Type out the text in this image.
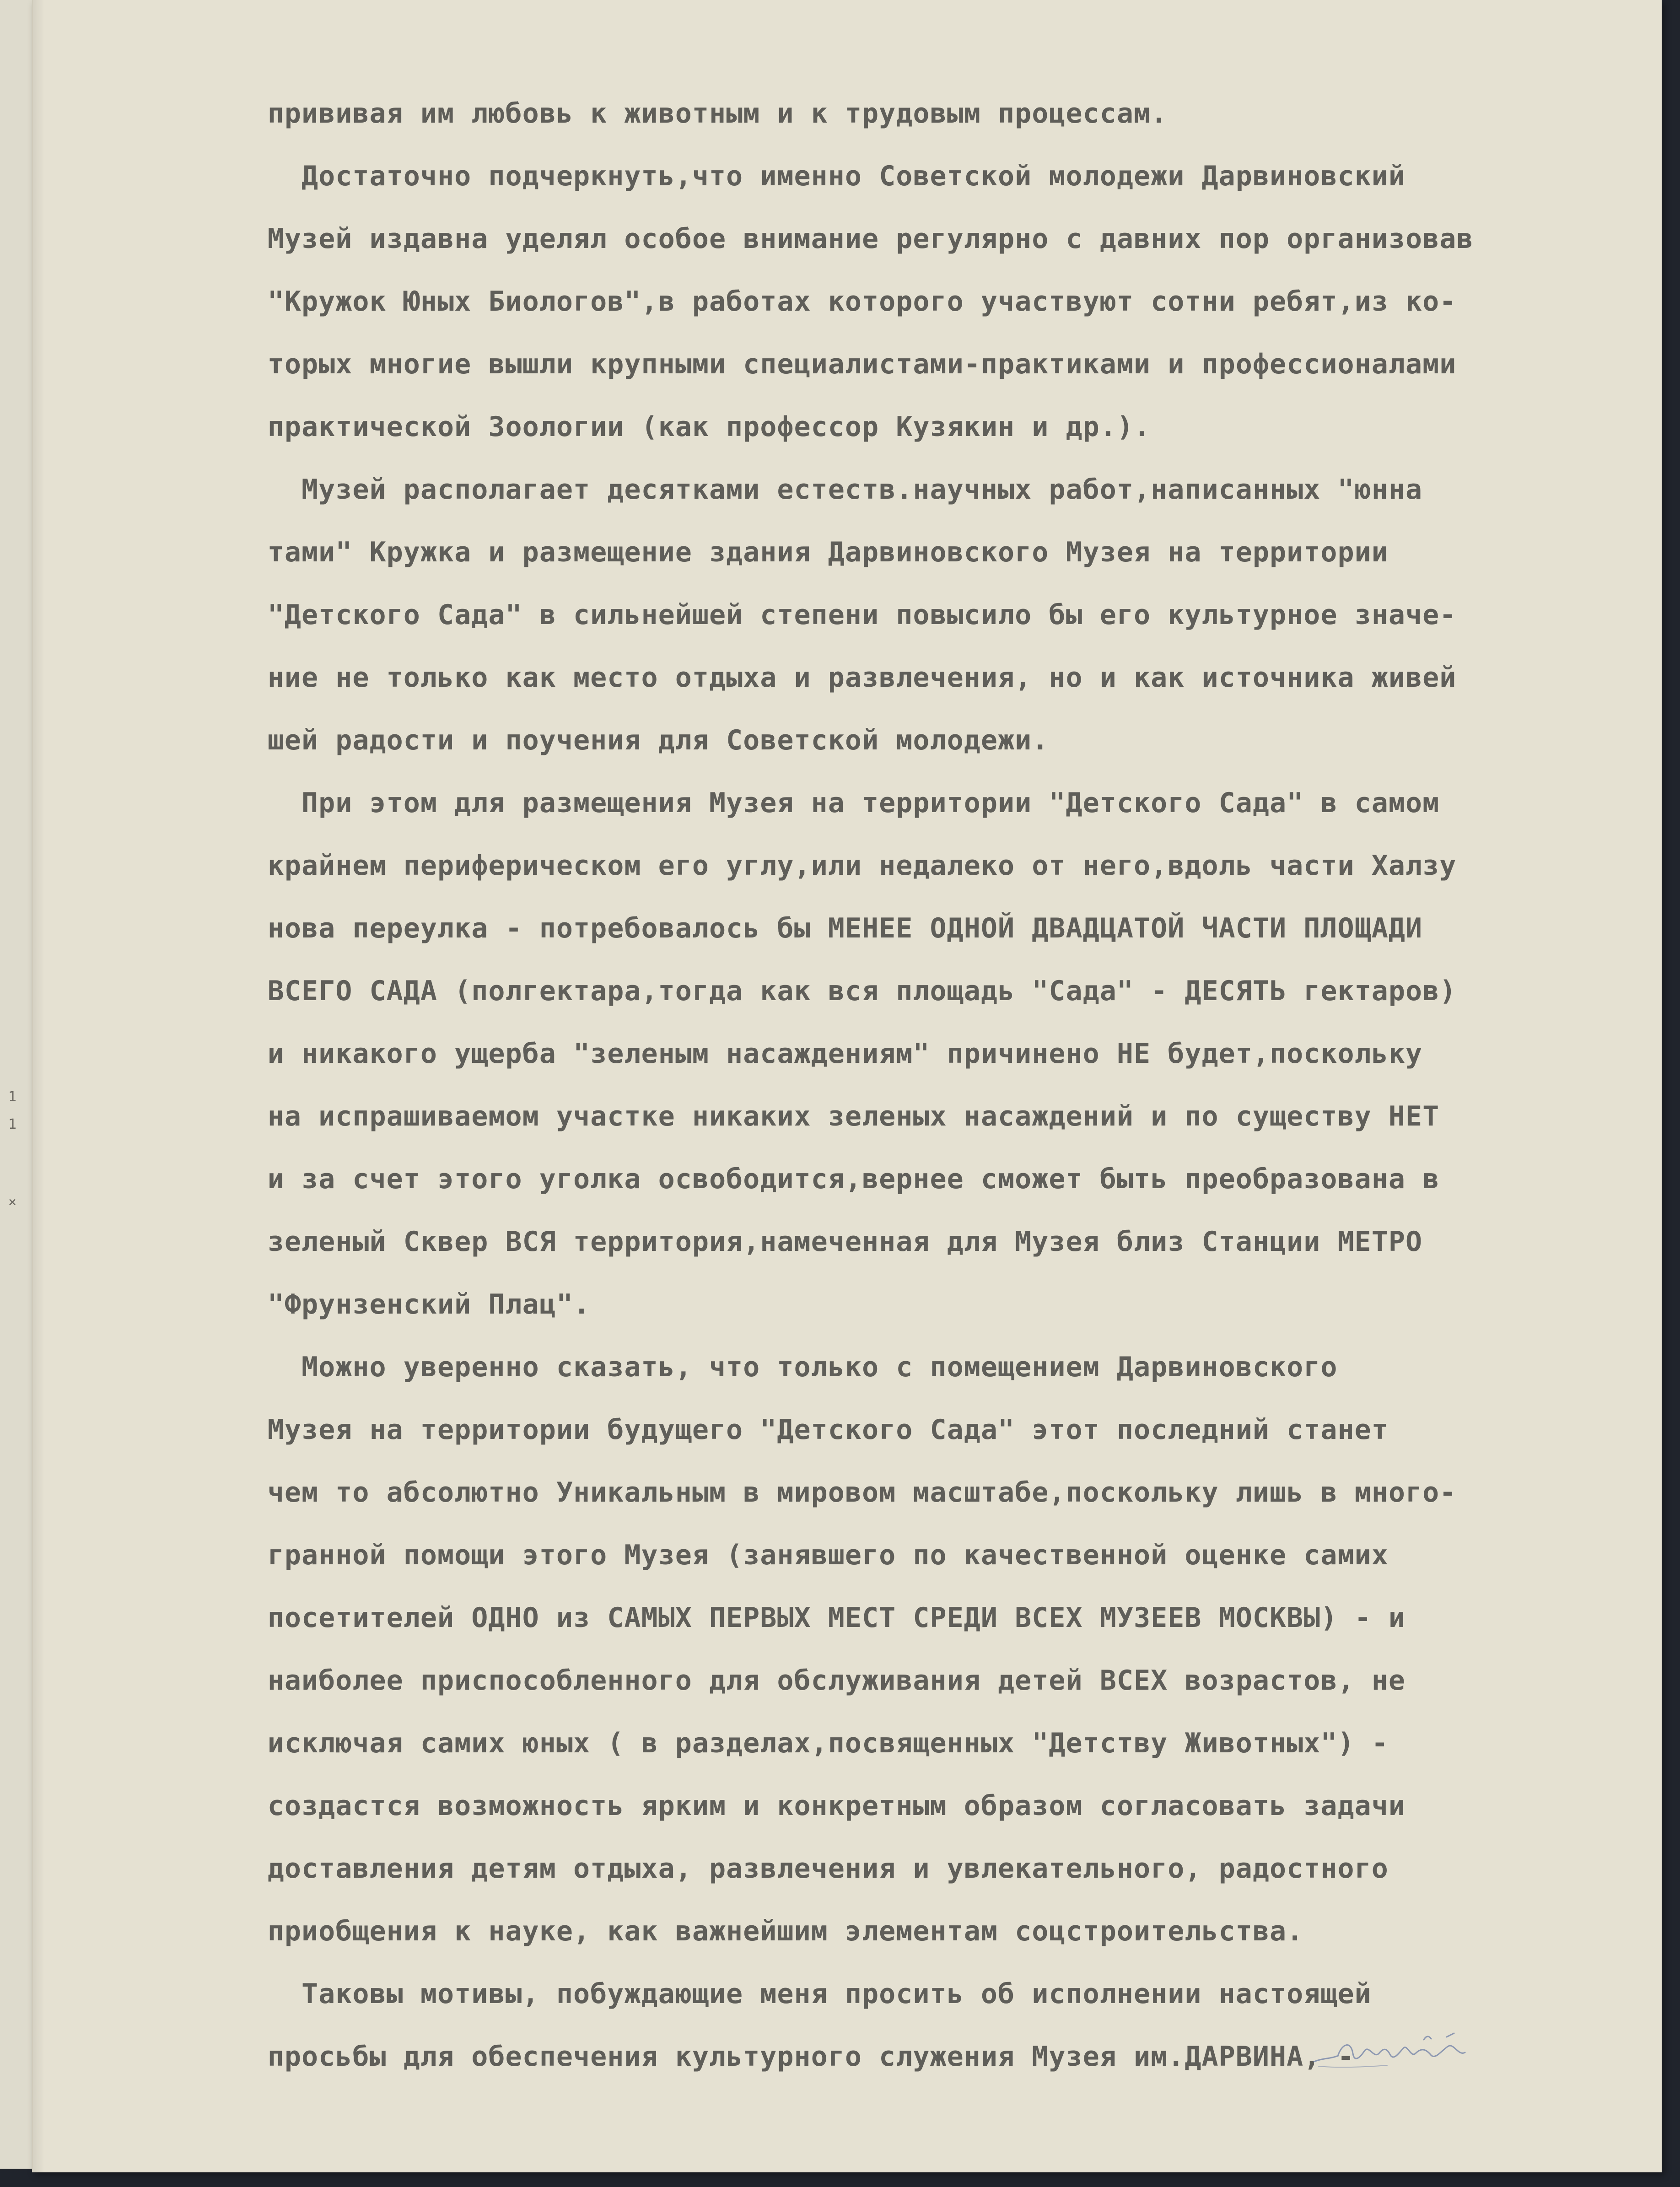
1
1
×
прививая им любовь к животным и к трудовым процессам.
Достаточно подчеркнуть,что именно Советской молодежи Дарвиновский
Музей издавна уделял особое внимание регулярно с давних пор организовав
"Кружок Юных Биологов",в работах которого участвуют сотни ребят,из ко-
торых многие вышли крупными специалистами-практиками и профессионалами
практической Зоологии (как профессор Кузякин и др.).
Музей располагает десятками естеств.научных работ,написанных "юнна
тами" Кружка и размещение здания Дарвиновского Музея на территории
"Детского Сада" в сильнейшей степени повысило бы его культурное значе-
ние не только как место отдыха и развлечения, но и как источника живей
шей радости и поучения для Советской молодежи.
При этом для размещения Музея на территории "Детского Сада" в самом
крайнем периферическом его углу,или недалеко от него,вдоль части Халзу
нова переулка - потребовалось бы МЕНЕЕ ОДНОЙ ДВАДЦАТОЙ ЧАСТИ ПЛОЩАДИ
ВСЕГО САДА (полгектара,тогда как вся площадь "Сада" - ДЕСЯТЬ гектаров)
и никакого ущерба "зеленым насаждениям" причинено НЕ будет,поскольку
на испрашиваемом участке никаких зеленых насаждений и по существу НЕТ
и за счет этого уголка освободится,вернее сможет быть преобразована в
зеленый Сквер ВСЯ территория,намеченная для Музея близ Станции МЕТРО
"Фрунзенский Плац".
Можно уверенно сказать, что только с помещением Дарвиновского
Музея на территории будущего "Детского Сада" этот последний станет
чем то абсолютно Уникальным в мировом масштабе,поскольку лишь в много-
гранной помощи этого Музея (занявшего по качественной оценке самих
посетителей ОДНО из САМЫХ ПЕРВЫХ МЕСТ СРЕДИ ВСЕХ МУЗЕЕВ МОСКВЫ) - и
наиболее приспособленного для обслуживания детей ВСЕХ возрастов, не
исключая самих юных ( в разделах,посвященных "Детству Животных") -
создастся возможность ярким и конкретным образом согласовать задачи
доставления детям отдыха, развлечения и увлекательного, радостного
приобщения к науке, как важнейшим элементам соцстроительства.
Таковы мотивы, побуждающие меня просить об исполнении настоящей
просьбы для обеспечения культурного служения Музея им.ДАРВИНА, -
